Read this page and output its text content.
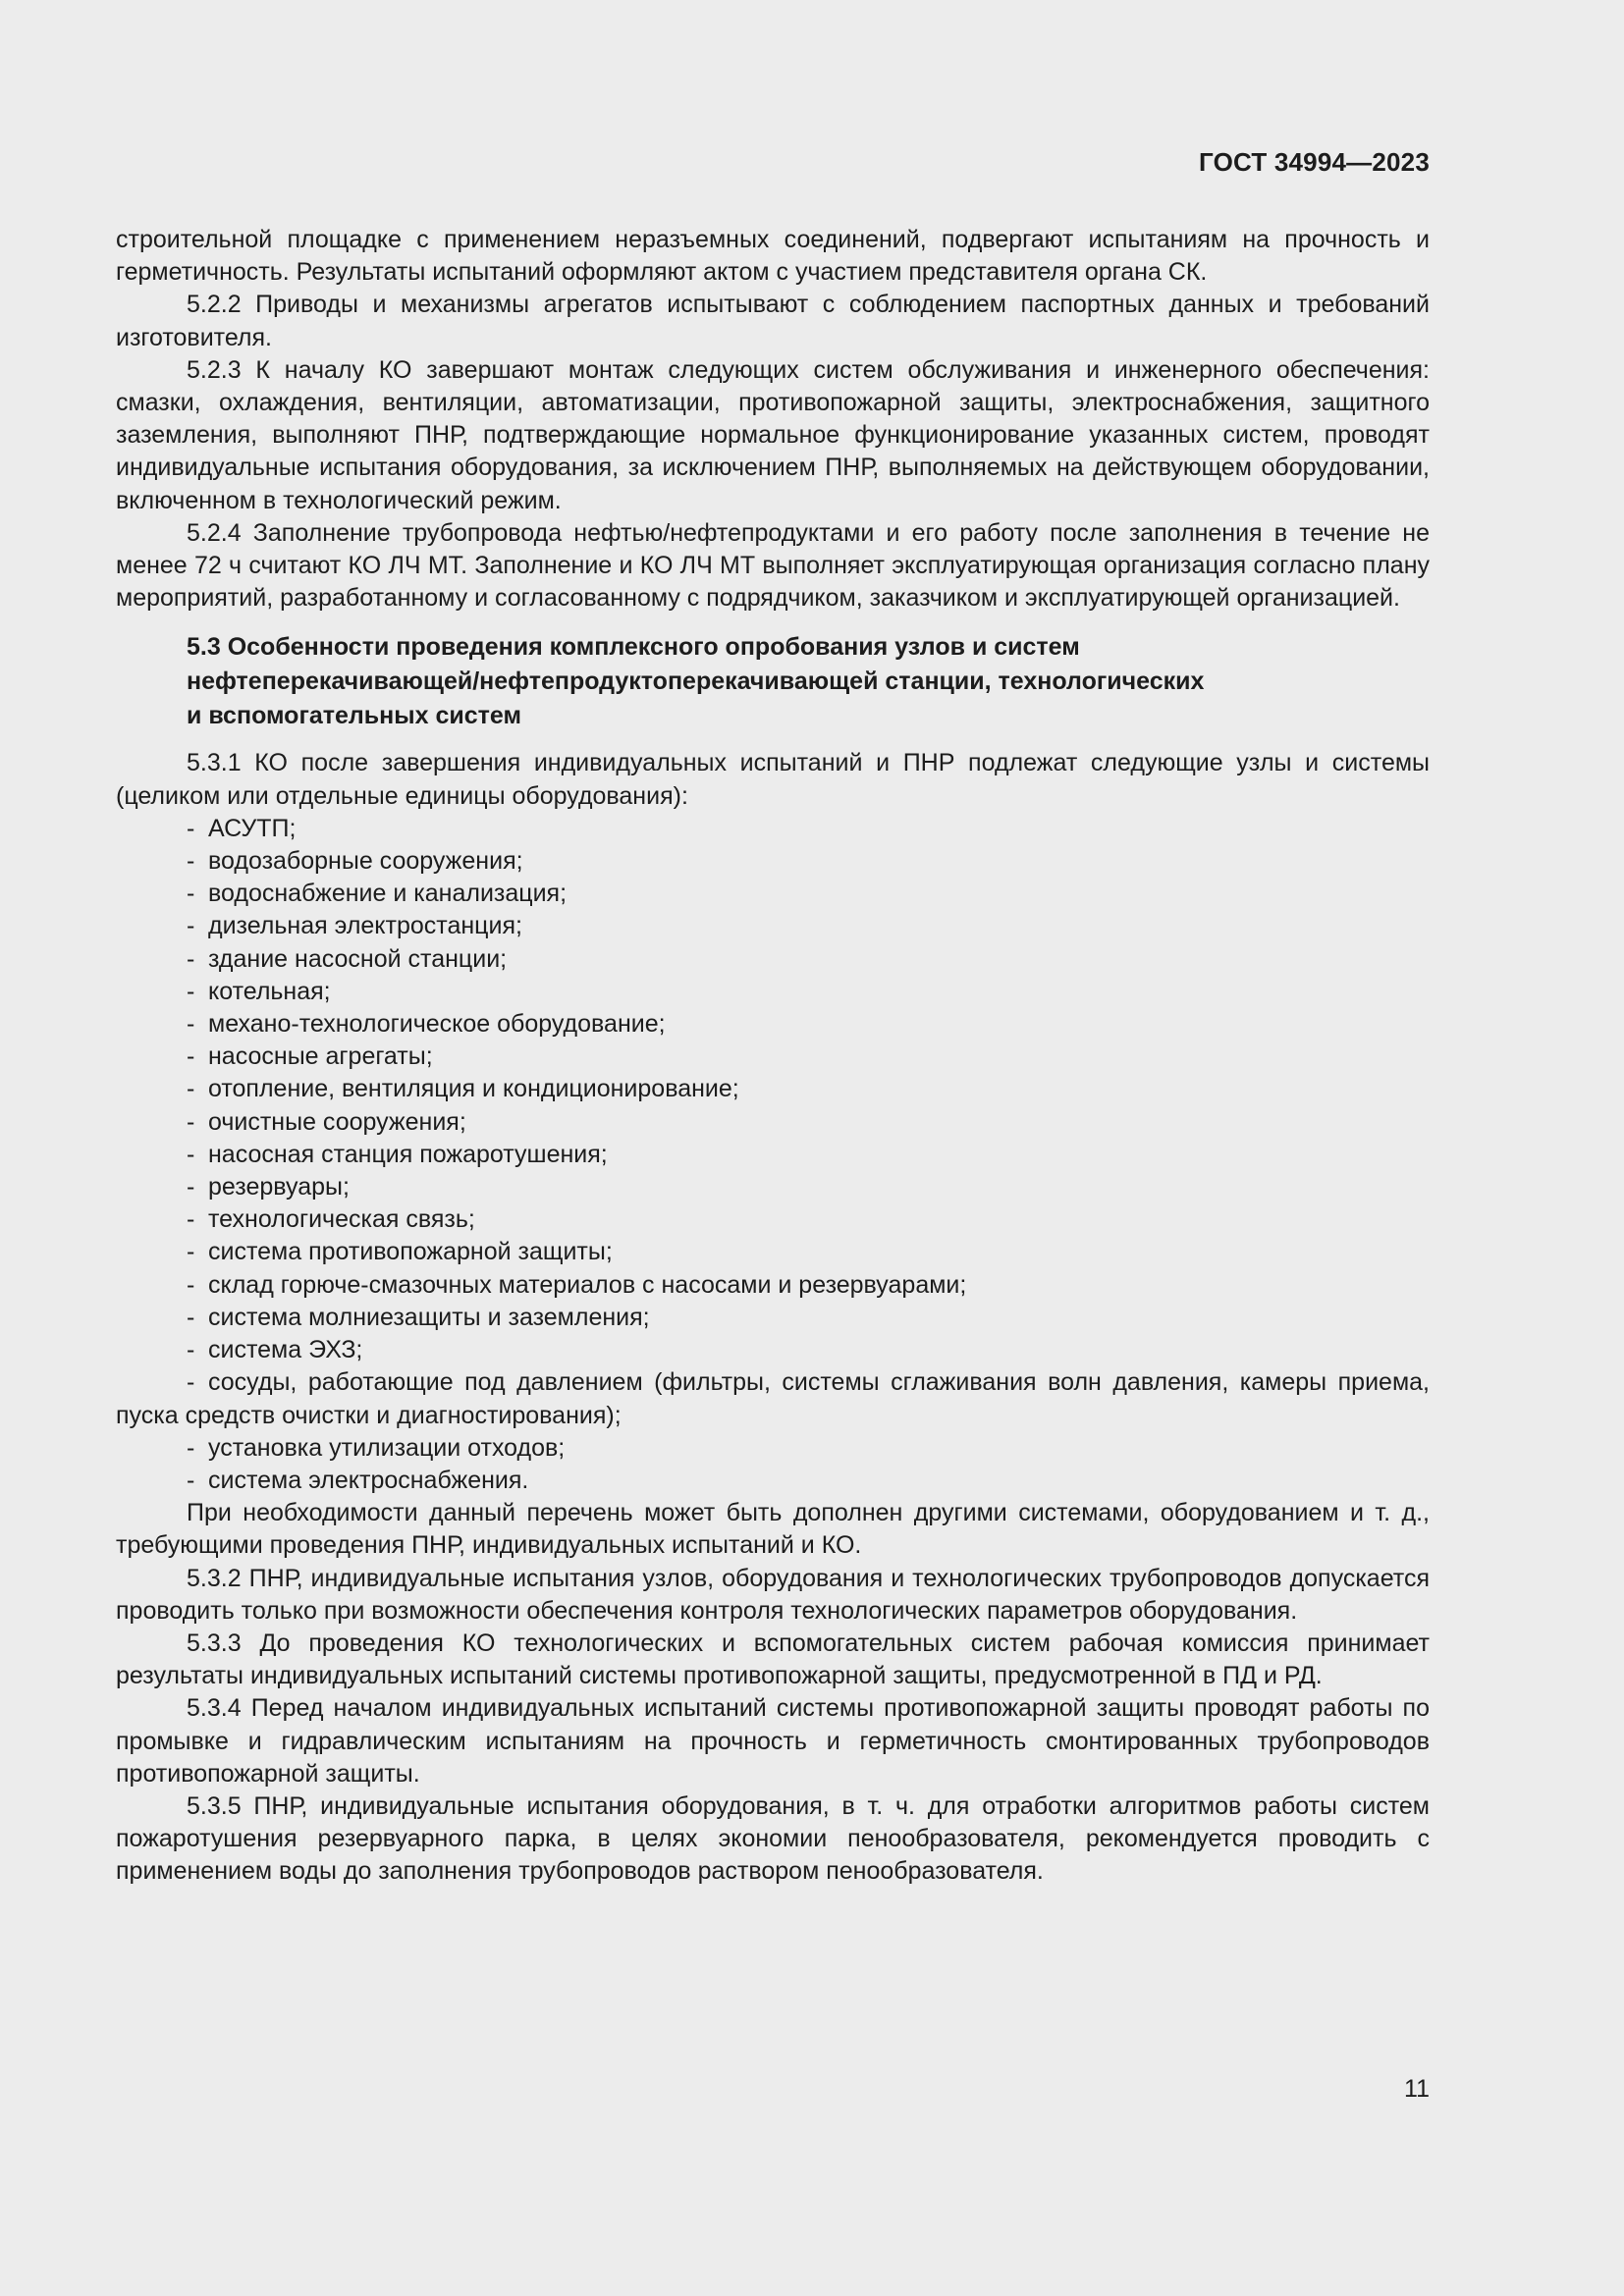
ГОСТ 34994—2023

строительной площадке с применением неразъемных соединений, подвергают испытаниям на прочность и герметичность. Результаты испытаний оформляют актом с участием представителя органа СК.

5.2.2 Приводы и механизмы агрегатов испытывают с соблюдением паспортных данных и требований изготовителя.

5.2.3 К началу КО завершают монтаж следующих систем обслуживания и инженерного обеспечения: смазки, охлаждения, вентиляции, автоматизации, противопожарной защиты, электроснабжения, защитного заземления, выполняют ПНР, подтверждающие нормальное функционирование указанных систем, проводят индивидуальные испытания оборудования, за исключением ПНР, выполняемых на действующем оборудовании, включенном в технологический режим.

5.2.4 Заполнение трубопровода нефтью/нефтепродуктами и его работу после заполнения в течение не менее 72 ч считают КО ЛЧ МТ. Заполнение и КО ЛЧ МТ выполняет эксплуатирующая организация согласно плану мероприятий, разработанному и согласованному с подрядчиком, заказчиком и эксплуатирующей организацией.

5.3 Особенности проведения комплексного опробования узлов и систем
нефтеперекачивающей/нефтепродуктоперекачивающей станции, технологических
и вспомогательных систем

5.3.1 КО после завершения индивидуальных испытаний и ПНР подлежат следующие узлы и системы (целиком или отдельные единицы оборудования):

- АСУТП;

- водозаборные сооружения;

- водоснабжение и канализация;

- дизельная электростанция;

- здание насосной станции;

- котельная;

- механо-технологическое оборудование;

- насосные агрегаты;

- отопление, вентиляция и кондиционирование;

- очистные сооружения;

- насосная станция пожаротушения;

- резервуары;

- технологическая связь;

- система противопожарной защиты;

- склад горюче-смазочных материалов с насосами и резервуарами;

- система молниезащиты и заземления;

- система ЭХЗ;

- сосуды, работающие под давлением (фильтры, системы сглаживания волн давления, камеры приема, пуска средств очистки и диагностирования);

- установка утилизации отходов;

- система электроснабжения.

При необходимости данный перечень может быть дополнен другими системами, оборудованием и т. д., требующими проведения ПНР, индивидуальных испытаний и КО.

5.3.2 ПНР, индивидуальные испытания узлов, оборудования и технологических трубопроводов допускается проводить только при возможности обеспечения контроля технологических параметров оборудования.

5.3.3 До проведения КО технологических и вспомогательных систем рабочая комиссия принимает результаты индивидуальных испытаний системы противопожарной защиты, предусмотренной в ПД и РД.

5.3.4 Перед началом индивидуальных испытаний системы противопожарной защиты проводят работы по промывке и гидравлическим испытаниям на прочность и герметичность смонтированных трубопроводов противопожарной защиты.

5.3.5 ПНР, индивидуальные испытания оборудования, в т. ч. для отработки алгоритмов работы систем пожаротушения резервуарного парка, в целях экономии пенообразователя, рекомендуется проводить с применением воды до заполнения трубопроводов раствором пенообразователя.

11
